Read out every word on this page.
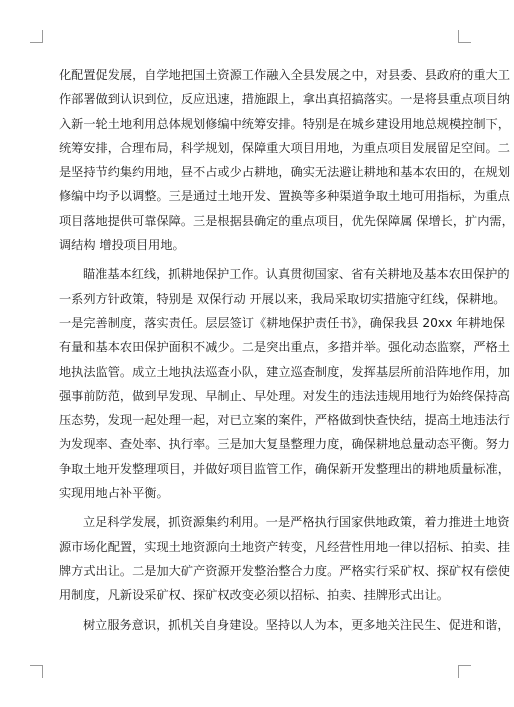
化配置促发展，自学地把国土资源工作融入全县发展之中，对县委、县政府的重大工
作部署做到认识到位，反应迅速，措施跟上，拿出真招搞落实。一是将县重点项目纳
入新一轮土地利用总体规划修编中统筹安排。特别是在城乡建设用地总规模控制下，
统筹安排，合理布局，科学规划，保障重大项目用地，为重点项目发展留足空间。二
是坚持节约集约用地，昼不占或少占耕地，确实无法避让耕地和基本农田的，在规划
修编中均予以调整。三是通过土地开发、置换等多种渠道争取土地可用指标，为重点
项目落地提供可靠保障。三是根据县确定的重点项目，优先保障属 保增长，扩内需，
调结构 增投项目用地。
瞄准基本红线，抓耕地保护工作。认真贯彻国家、省有关耕地及基本农田保护的
一系列方针政策，特别是 双保行动 开展以来，我局采取切实措施守红线，保耕地。
一是完善制度，落实责任。层层签订《耕地保护责任书》，确保我县 20xx 年耕地保
有量和基本农田保护面积不减少。二是突出重点，多措并举。强化动态监察，严格土
地执法监管。成立土地执法巡查小队，建立巡查制度，发挥基层所前沿阵地作用，加
强事前防范，做到早发现、早制止、早处理。对发生的违法违规用地行为始终保持高
压态势，发现一起处理一起，对已立案的案件，严格做到快查快结，提高土地违法行
为发现率、查处率、执行率。三是加大复垦整理力度，确保耕地总量动态平衡。努力
争取土地开发整理项目，并做好项目监管工作，确保新开发整理出的耕地质量标准，
实现用地占补平衡。
立足科学发展，抓资源集约利用。一是严格执行国家供地政策，着力推进土地资
源市场化配置，实现土地资源向土地资产转变，凡经营性用地一律以招标、拍卖、挂
牌方式出让。二是加大矿产资源开发整治整合力度。严格实行采矿权、探矿权有偿使
用制度，凡新设采矿权、探矿权改变必须以招标、拍卖、挂牌形式出让。
树立服务意识，抓机关自身建设。坚持以人为本，更多地关注民生、促进和谐，
